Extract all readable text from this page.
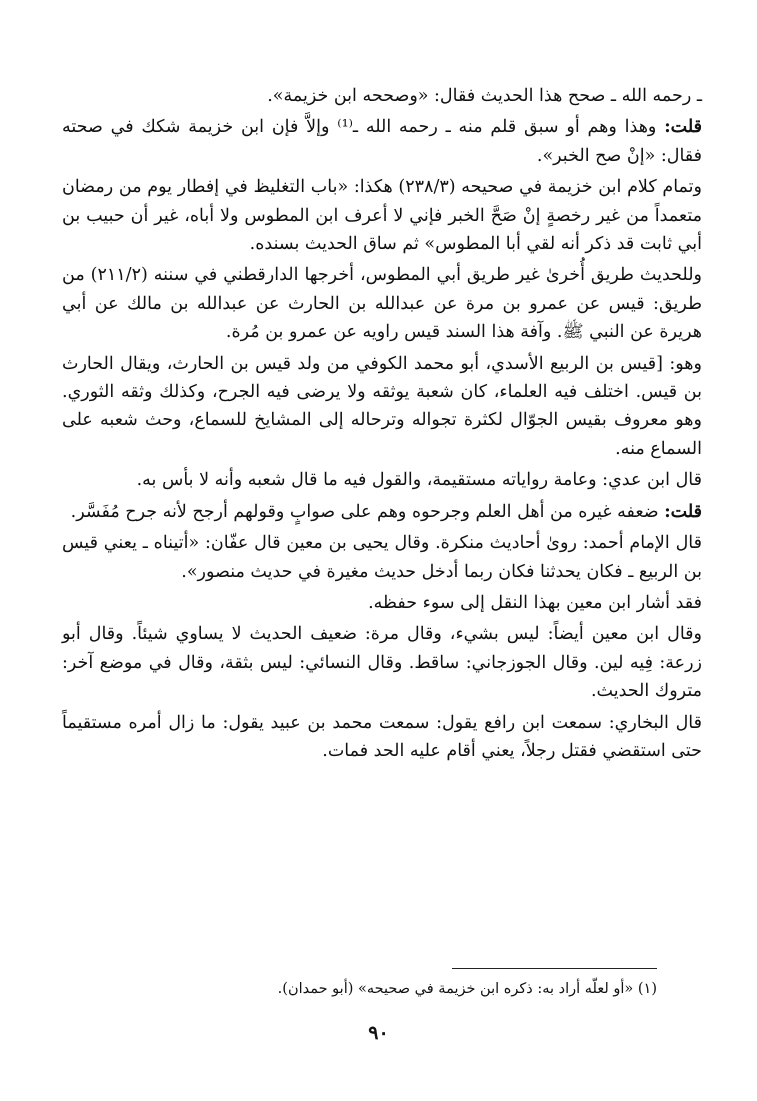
ـ رحمه الله ـ صحح هذا الحديث فقال: «وصححه ابن خزيمة».

قلت: وهذا وهم أو سبق قلم منه ـ رحمه الله ـ⁽¹⁾ وإلاَّ فإن ابن خزيمة شكك في صحته فقال: «إنْ صح الخبر».

وتمام كلام ابن خزيمة في صحيحه (٢٣٨/٣) هكذا: «باب التغليظ في إفطار يوم من رمضان متعمداً من غير رخصةٍ إنْ صَحَّ الخبر فإني لا أعرف ابن المطوس ولا أباه، غير أن حبيب بن أبي ثابت قد ذكر أنه لقي أبا المطوس» ثم ساق الحديث بسنده.

وللحديث طريق أُخرىٰ غير طريق أبي المطوس، أخرجها الدارقطني في سننه (٢١١/٢) من طريق: قيس عن عمرو بن مرة عن عبدالله بن الحارث عن عبدالله بن مالك عن أبي هريرة عن النبي ﷺ. وآفة هذا السند قيس راويه عن عمرو بن مُرة.

وهو: [قيس بن الربيع الأسدي، أبو محمد الكوفي من ولد قيس بن الحارث، ويقال الحارث بن قيس. اختلف فيه العلماء، كان شعبة يوثقه ولا يرضى فيه الجرح، وكذلك وثقه الثوري. وهو معروف بقيس الجوّال لكثرة تجواله وترحاله إلى المشايخ للسماع، وحث شعبه على السماع منه.

قال ابن عدي: وعامة رواياته مستقيمة، والقول فيه ما قال شعبه وأنه لا بأس به.

قلت: ضعفه غيره من أهل العلم وجرحوه وهم على صوابٍ وقولهم أرجح لأنه جرح مُفَسَّر.

قال الإمام أحمد: روىٰ أحاديث منكرة. وقال يحيى بن معين قال عفّان: «أتيناه ـ يعني قيس بن الربيع ـ فكان يحدثنا فكان ربما أدخل حديث مغيرة في حديث منصور».

فقد أشار ابن معين بهذا النقل إلى سوء حفظه.

وقال ابن معين أيضاً: ليس بشيء، وقال مرة: ضعيف الحديث لا يساوي شيئاً. وقال أبو زرعة: فِيه لين. وقال الجوزجاني: ساقط. وقال النسائي: ليس بثقة، وقال في موضع آخر: متروك الحديث.

قال البخاري: سمعت ابن رافع يقول: سمعت محمد بن عبيد يقول: ما زال أمره مستقيماً حتى استقضي فقتل رجلاً، يعني أقام عليه الحد فمات.

(١) «أو لعلّه أراد به: ذكره ابن خزيمة في صحيحه» (أبو حمدان).
٩٠
